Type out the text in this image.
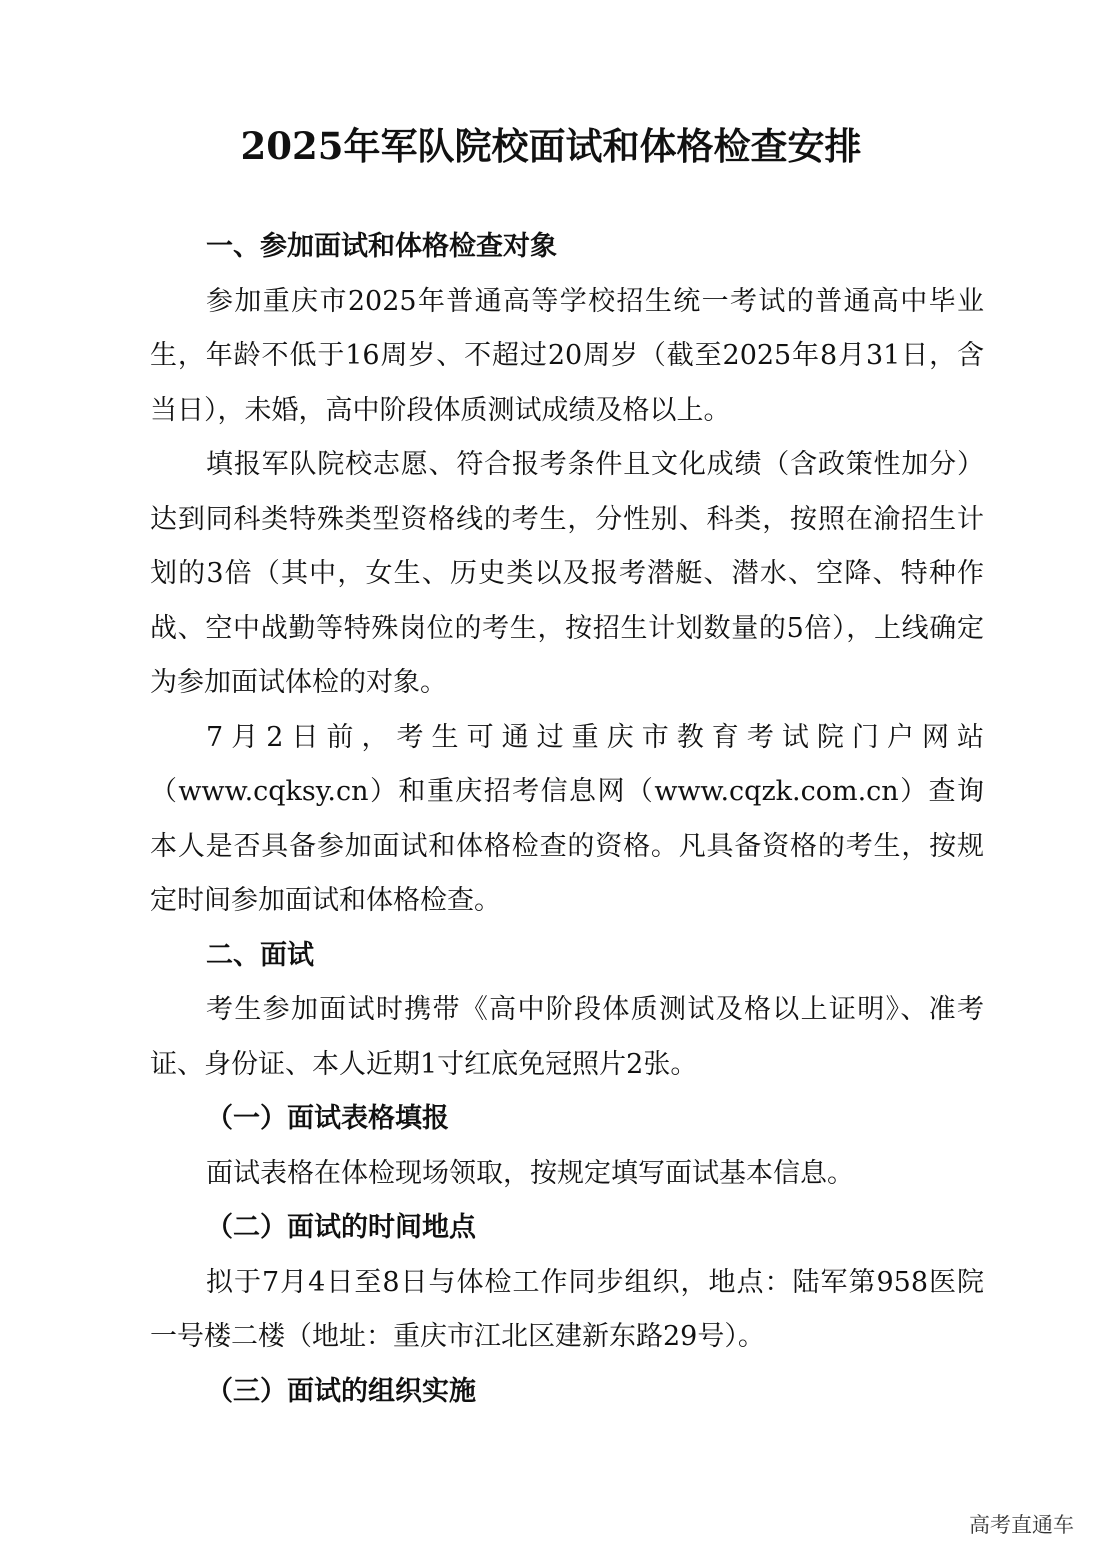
2025年军队院校面试和体格检查安排
一、参加面试和体格检查对象

参加重庆市2025年普通高等学校招生统一考试的普通高中毕业生，年龄不低于16周岁、不超过20周岁（截至2025年8月31日，含当日），未婚，高中阶段体质测试成绩及格以上。

填报军队院校志愿、符合报考条件且文化成绩（含政策性加分）达到同科类特殊类型资格线的考生，分性别、科类，按照在渝招生计划的3倍（其中，女生、历史类以及报考潜艇、潜水、空降、特种作战、空中战勤等特殊岗位的考生，按招生计划数量的5倍），上线确定为参加面试体检的对象。

7月2日前，考生可通过重庆市教育考试院门户网站（www.cqksy.cn）和重庆招考信息网（www.cqzk.com.cn）查询本人是否具备参加面试和体格检查的资格。凡具备资格的考生，按规定时间参加面试和体格检查。

二、面试

考生参加面试时携带《高中阶段体质测试及格以上证明》、准考证、身份证、本人近期1寸红底免冠照片2张。

（一）面试表格填报

面试表格在体检现场领取，按规定填写面试基本信息。

（二）面试的时间地点

拟于7月4日至8日与体检工作同步组织，地点：陆军第958医院一号楼二楼（地址：重庆市江北区建新东路29号）。

（三）面试的组织实施
高考直通车
